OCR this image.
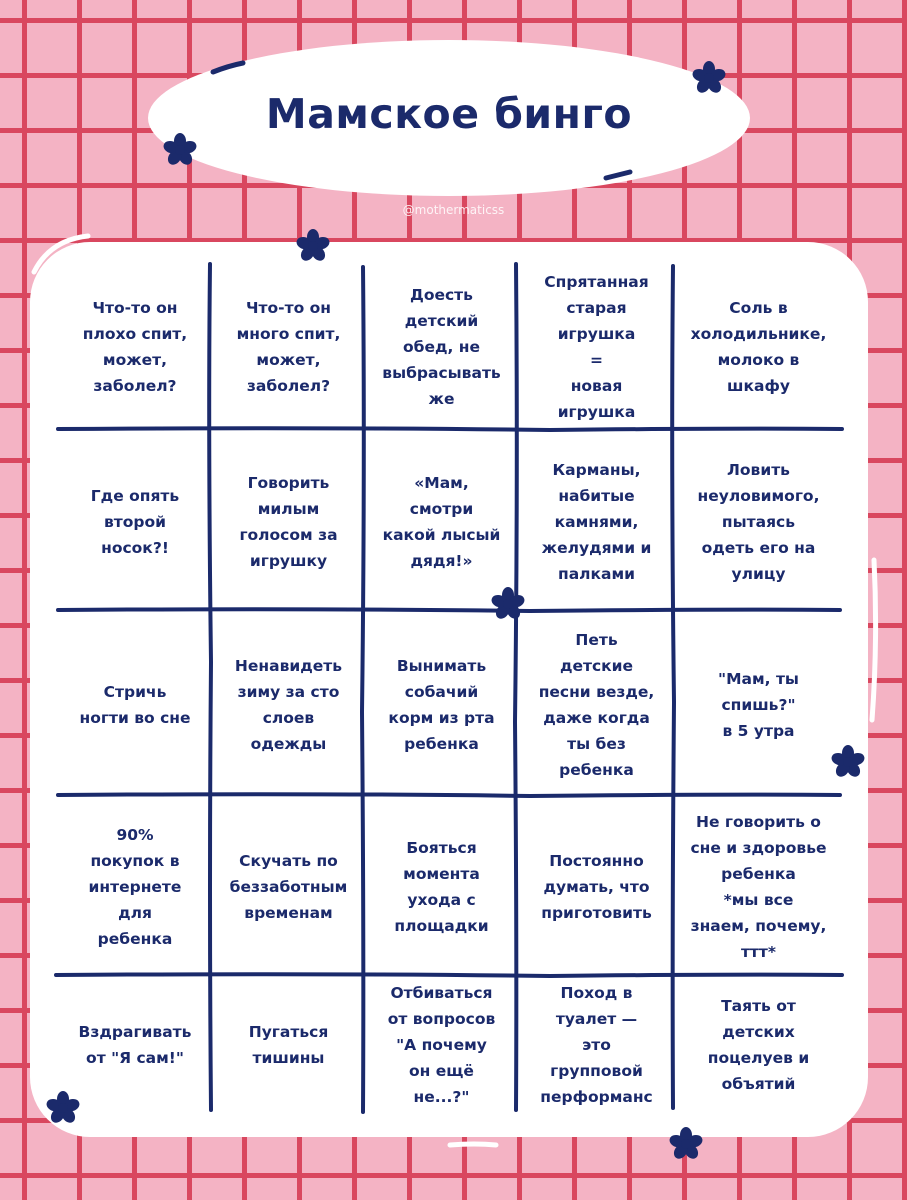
Мамское бинго
@mothermaticss
Что-то он
плохо спит,
может,
заболел?
Что-то он
много спит,
может,
заболел?
Доесть
детский
обед, не
выбрасывать
же
Спрятанная
старая
игрушка
=
новая
игрушка
Соль в
холодильнике,
молоко в
шкафу
Где опять
второй
носок?!
Говорить
милым
голосом за
игрушку
«Мам,
смотри
какой лысый
дядя!»
Карманы,
набитые
камнями,
желудями и
палками
Ловить
неуловимого,
пытаясь
одеть его на
улицу
Стричь
ногти во сне
Ненавидеть
зиму за сто
слоев
одежды
Вынимать
собачий
корм из рта
ребенка
Петь
детские
песни везде,
даже когда
ты без
ребенка
"Мам, ты
спишь?"
в 5 утра
90%
покупок в
интернете
для
ребенка
Скучать по
беззаботным
временам
Бояться
момента
ухода с
площадки
Постоянно
думать, что
приготовить
Не говорить о
сне и здоровье
ребенка
*мы все
знаем, почему,
ттт*
Вздрагивать
от "Я сам!"
Пугаться
тишины
Отбиваться
от вопросов
"А почему
он ещё
не...?"
Поход в
туалет —
это
групповой
перформанс
Таять от
детских
поцелуев и
объятий
